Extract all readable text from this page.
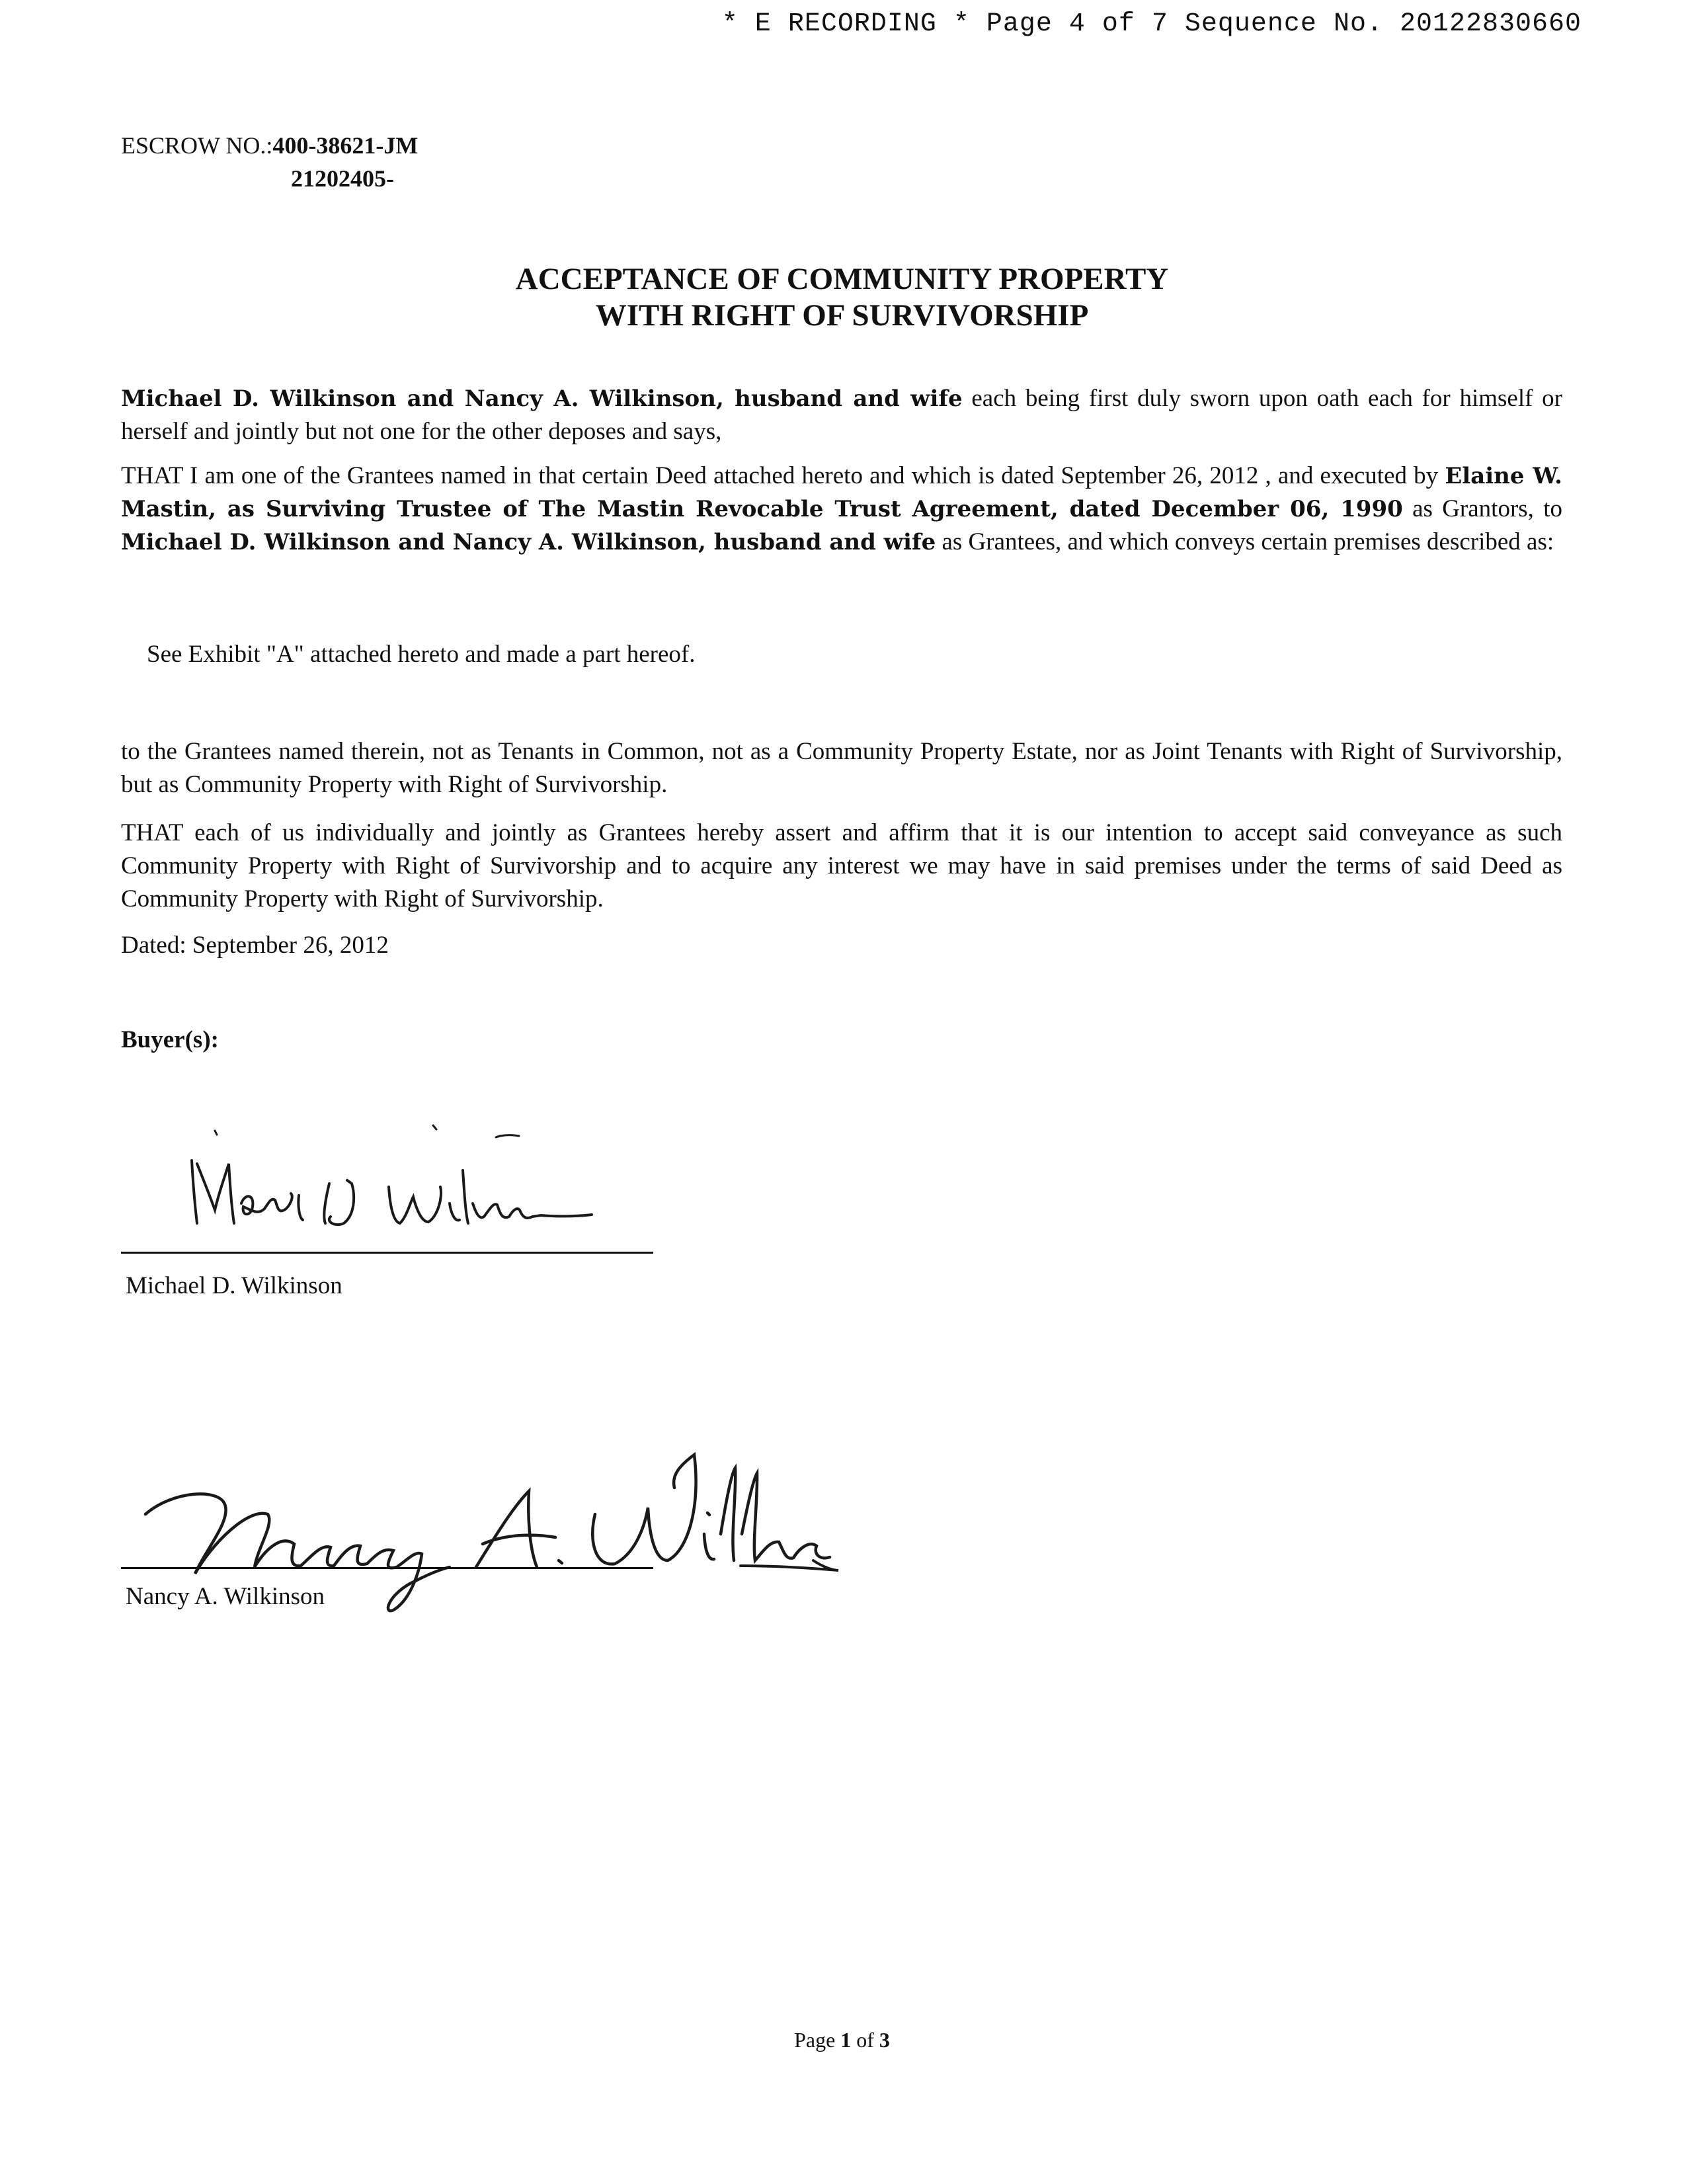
* E RECORDING * Page 4 of 7 Sequence No. 20122830660
ESCROW NO.:400-38621-JM
21202405-
ACCEPTANCE OF COMMUNITY PROPERTY
WITH RIGHT OF SURVIVORSHIP
Michael D. Wilkinson and Nancy A. Wilkinson, husband and wife each being first duly sworn upon oath each for himself or herself and jointly but not one for the other deposes and says,
THAT I am one of the Grantees named in that certain Deed attached hereto and which is dated September 26, 2012 , and executed by Elaine W. Mastin, as Surviving Trustee of The Mastin Revocable Trust Agreement, dated December 06, 1990 as Grantors, to Michael D. Wilkinson and Nancy A. Wilkinson, husband and wife as Grantees, and which conveys certain premises described as:
See Exhibit "A" attached hereto and made a part hereof.
to the Grantees named therein, not as Tenants in Common, not as a Community Property Estate, nor as Joint Tenants with Right of Survivorship, but as Community Property with Right of Survivorship.
THAT each of us individually and jointly as Grantees hereby assert and affirm that it is our intention to accept said conveyance as such Community Property with Right of Survivorship and to acquire any interest we may have in said premises under the terms of said Deed as Community Property with Right of Survivorship.
Dated: September 26, 2012
Buyer(s):
Michael D. Wilkinson
Nancy A. Wilkinson
Page 1 of 3
